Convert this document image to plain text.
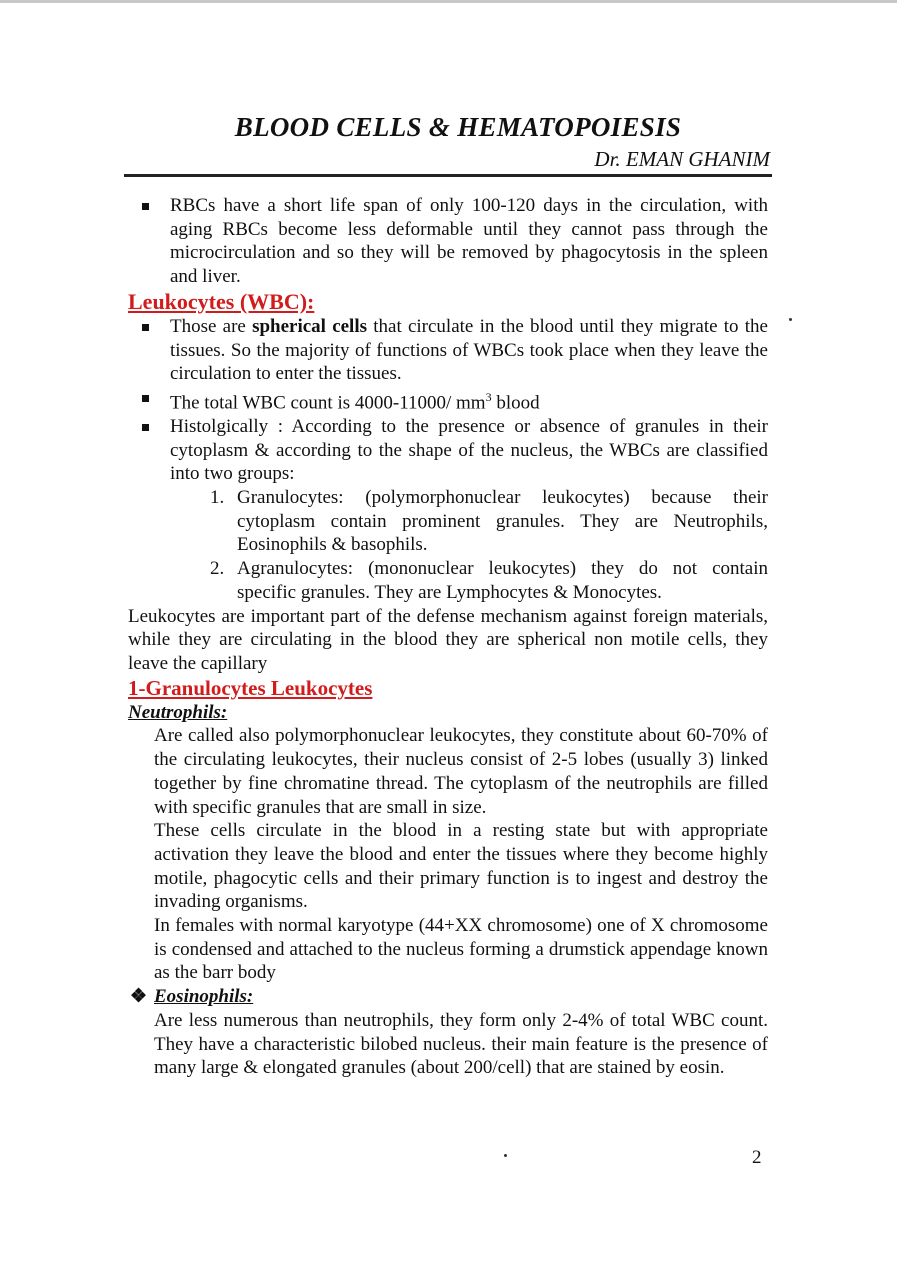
BLOOD CELLS & HEMATOPOIESIS

Dr. EMAN GHANIM

RBCs have a short life span of only 100-120 days in the circulation, with aging RBCs become less deformable until they cannot pass through the microcirculation and so they will be removed by phagocytosis in the spleen and liver.
Leukocytes (WBC):
Those are spherical cells that circulate in the blood until they migrate to the tissues. So the majority of functions of WBCs took place when they leave the circulation to enter the tissues.
The total WBC count is 4000-11000/ $mm^3$ blood
Histolgically : According to the presence or absence of granules in their cytoplasm & according to the shape of the nucleus, the WBCs are classified into two groups:
1. Granulocytes: (polymorphonuclear leukocytes) because their cytoplasm contain prominent granules. They are Neutrophils, Eosinophils & basophils.
2. Agranulocytes: (mononuclear leukocytes) they do not contain specific granules. They are Lymphocytes & Monocytes.

Leukocytes are important part of the defense mechanism against foreign materials, while they are circulating in the blood they are spherical non motile cells, they leave the capillary

1-Granulocytes Leukocytes

Neutrophils:

Are called also polymorphonuclear leukocytes, they constitute about 60-70% of the circulating leukocytes, their nucleus consist of 2-5 lobes (usually 3) linked together by fine chromatine thread. The cytoplasm of the neutrophils are filled with specific granules that are small in size.

These cells circulate in the blood in a resting state but with appropriate activation they leave the blood and enter the tissues where they become highly motile, phagocytic cells and their primary function is to ingest and destroy the invading organisms.

In females with normal karyotype (44+XX chromosome) one of X chromosome is condensed and attached to the nucleus forming a drumstick appendage known as the barr body

❖ Eosinophils:

Are less numerous than neutrophils, they form only 2-4% of total WBC count. They have a characteristic bilobed nucleus. their main feature is the presence of many large & elongated granules (about 200/cell) that are stained by eosin.

2
